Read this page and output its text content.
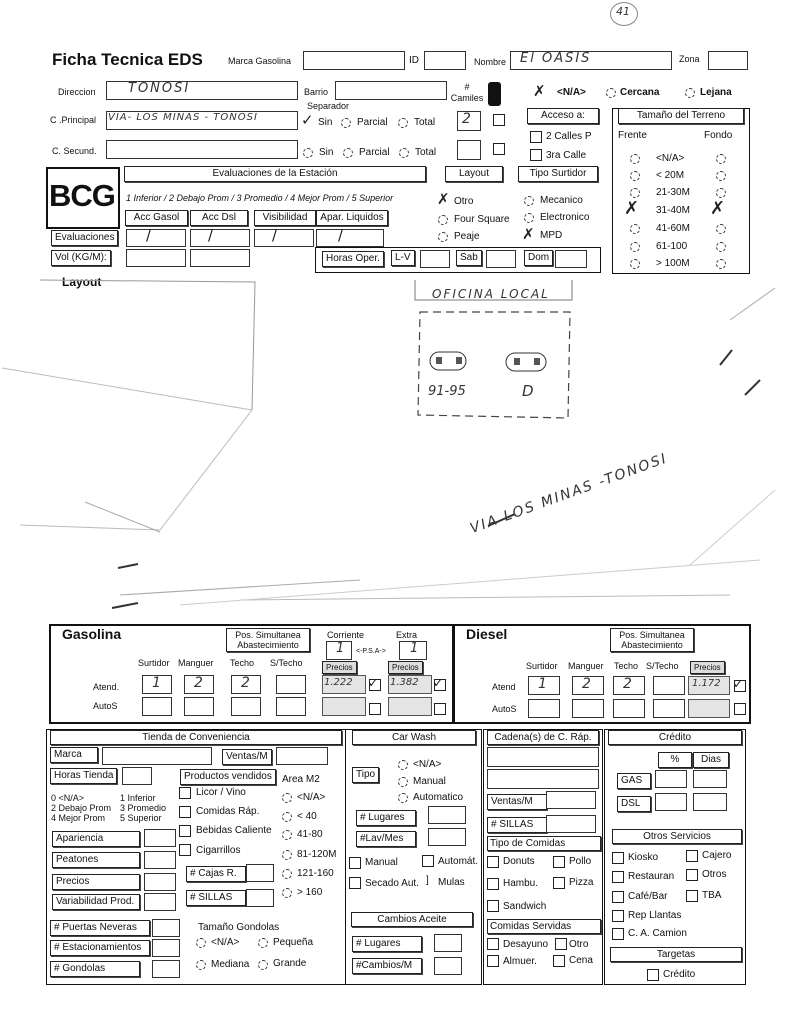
41
Ficha Tecnica EDS	Marca Gasolina	ID	Nombre El OASIS	Zona
Direccion TONOSI	Barrio	# Camiles
Separador
✗ <N/A>	Cercana	Lejana
C .Principal VIA- LOS MINAS - TONOSI	✓ Sin Parcial	Total 2	Acceso a:
2 Calles P
3ra Calle
C. Secund.	Sin	Parcial	Total
Tamaño del Terreno
Frente	Fondo
<N/A>
< 20M
21-30M
✗ 31-40M ✗
41-60M
61-100
> 100M
BCG
Evaluaciones de la Estación
1 Inferior / 2 Debajo Prom / 3 Promedio / 4 Mejor Prom / 5 Superior
Acc Gasol	Acc Dsl	Visibilidad	Apar. Liquidos
Evaluaciones /	/	/	/
Vol (KG/M):	Horas Oper.	L-V	Sab	Dom
Layout
✗ Otro
Four Square
Peaje
Tipo Surtidor
Mecanico
Electronico
✗ MPD
Layout
OFICINA LOCAL
91-95	D
VIA LOS MINAS -TONOSI
Gasolina	Pos. Simultanea Abastecimiento
Corriente	Extra
1 <-P.S.A-> 1
Surtidor Manguer Techo S/Techo	Precios	Precios
Atend. 1 2	2	1.222 ✓ 1.382 ✓
AutoS
Diesel	Pos. Simultanea Abastecimiento
Surtidor Manguer Techo S/Techo	Precios
Atend 1 2 2	1.172 ✓
AutoS
Tienda de Conveniencia
Marca	Ventas/M
Horas Tienda	Productos vendidos	Area M2
0 <N/A>	1 Inferior
2 Debajo Prom 3 Promedio
4 Mejor Prom 5 Superior
Licor / Vino
Comidas Ráp.
Bebidas Caliente
Cigarrillos
<N/A>
< 40
41-80
81-120M
121-160
> 160
Apariencia
Peatones
Precios
Variabilidad Prod.
# Cajas R.
# SILLAS
# Puertas Neveras
# Estacionamientos
# Gondolas
Tamaño Gondolas
<N/A>	Pequeña
Mediana Grande
Car Wash
Tipo
<N/A>
Manual
Automatico
# Lugares
#Lav/Mes
Manual	Automát.
Secado Aut. ] Mulas
Cambios Aceite
# Lugares
#Cambios/M
Cadena(s) de C. Ráp.
Ventas/M
# SILLAS
Tipo de Comidas
Donuts	Pollo
Hambu.	Pizza
Sandwich
Comidas Servidas
Desayuno Otro
Almuer.	Cena
Crédito
%	Dias
GAS
DSL
Otros Servicios
Kiosko	Cajero
Restauran	Otros
Café/Bar	TBA
Rep Llantas
C. A. Camion
Targetas
Crédito
